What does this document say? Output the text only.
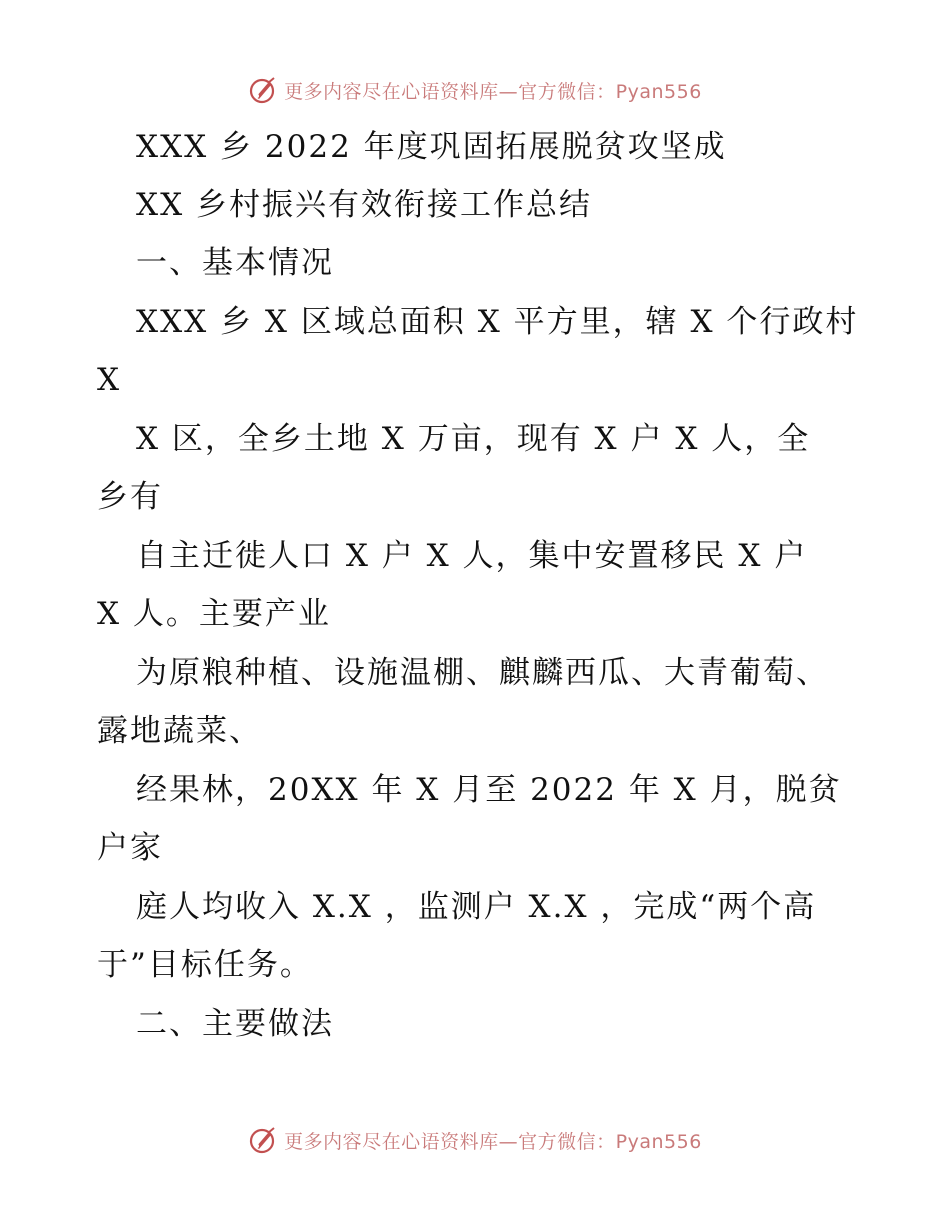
更多内容尽在心语资料库—官方微信：Pyan556
XXX 乡 2022 年度巩固拓展脱贫攻坚成
XX 乡村振兴有效衔接工作总结
一、基本情况
XXX 乡 X 区域总面积 X 平方里，辖 X 个行政村
X
X 区，全乡土地 X 万亩，现有 X 户 X 人，全
乡有
自主迁徙人口 X 户 X 人，集中安置移民 X 户
X 人。主要产业
为原粮种植、设施温棚、麒麟西瓜、大青葡萄、
露地蔬菜、
经果林，20XX 年 X 月至 2022 年 X 月，脱贫
户家
庭人均收入 X.X ，监测户 X.X ，完成“两个高
于”目标任务。
二、主要做法
更多内容尽在心语资料库—官方微信：Pyan556
